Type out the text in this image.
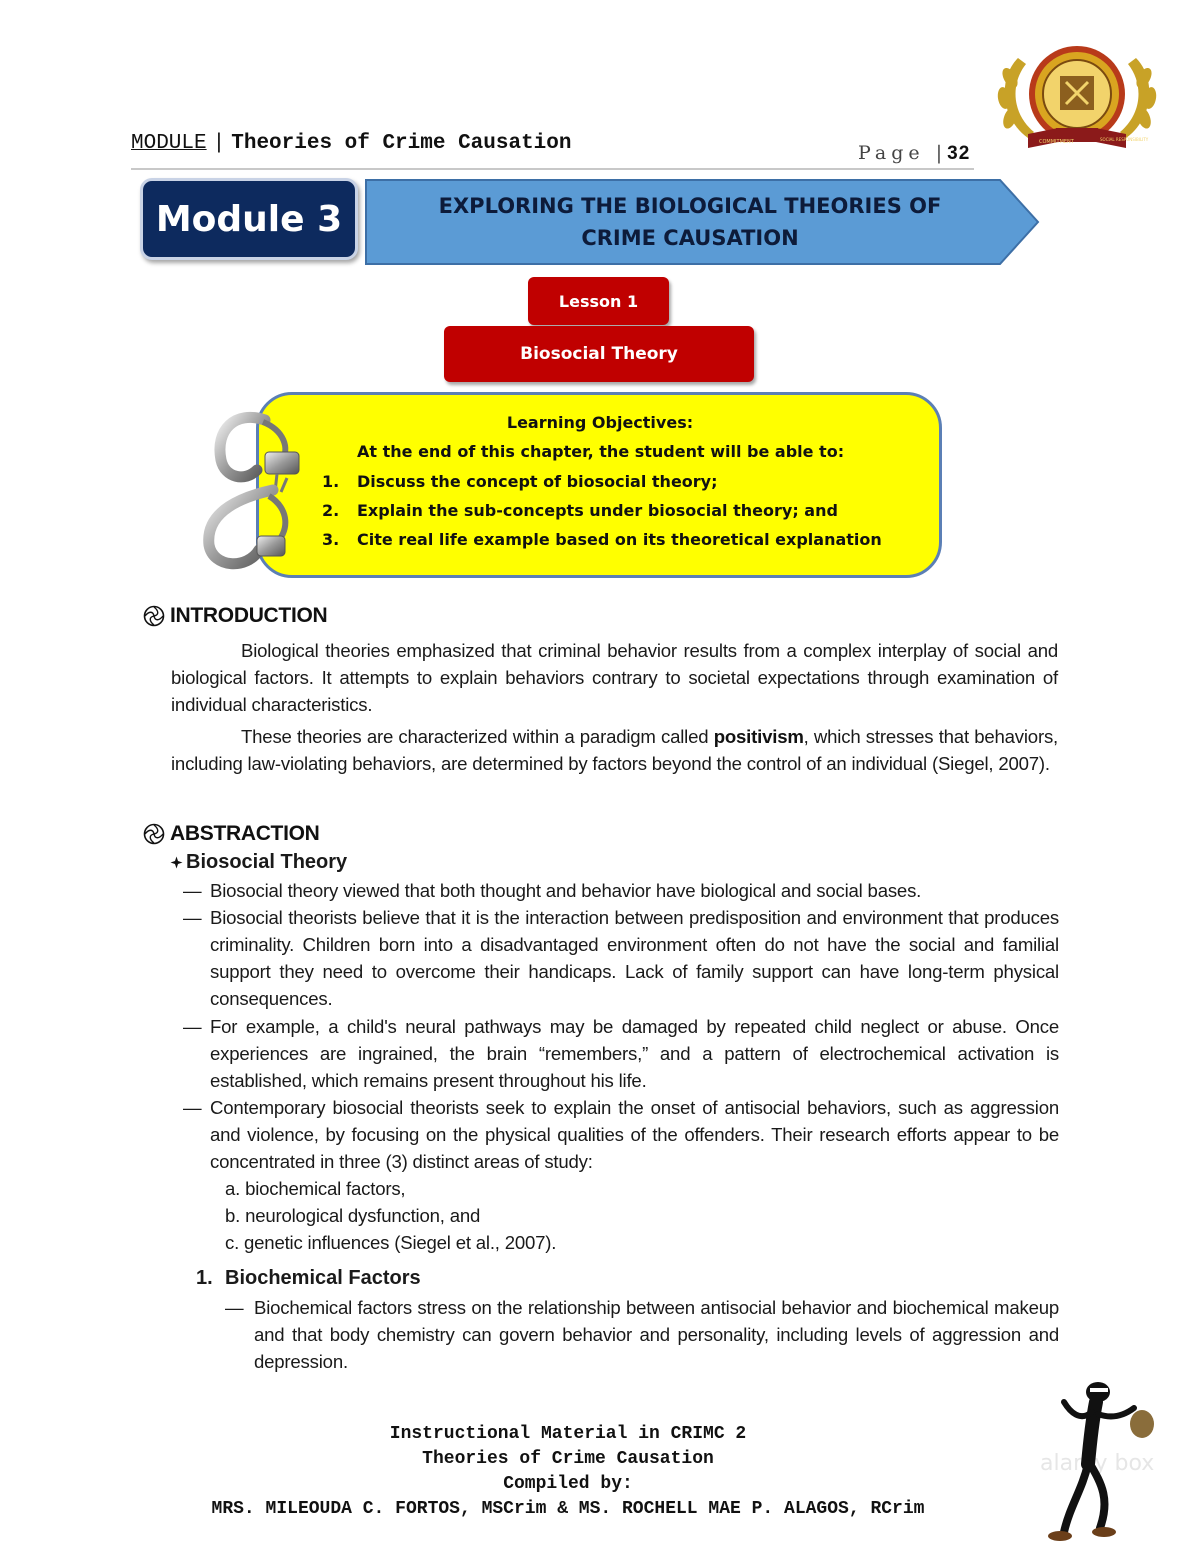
MODULE | Theories of Crime Causation	Page |32
COMMITMENT	SOCIAL RESPONSIBILITY
Module 3	EXPLORING THE BIOLOGICAL THEORIES OF
CRIME CAUSATION
Lesson 1
Biosocial Theory
Learning Objectives:
At the end of this chapter, the student will be able to:
1.	Discuss the concept of biosocial theory;
2.	Explain the sub-concepts under biosocial theory; and
3.	Cite real life example based on its theoretical explanation
INTRODUCTION
Biological theories emphasized that criminal behavior results from a complex interplay of social and biological factors. It attempts to explain behaviors contrary to societal expectations through examination of individual characteristics.
These theories are characterized within a paradigm called positivism, which stresses that behaviors, including law-violating behaviors, are determined by factors beyond the control of an individual (Siegel, 2007).
ABSTRACTION
Biosocial Theory
— Biosocial theory viewed that both thought and behavior have biological and social bases.
— Biosocial theorists believe that it is the interaction between predisposition and environment that produces criminality. Children born into a disadvantaged environment often do not have the social and familial support they need to overcome their handicaps. Lack of family support can have long-term physical consequences.
— For example, a child's neural pathways may be damaged by repeated child neglect or abuse. Once experiences are ingrained, the brain “remembers,” and a pattern of electrochemical activation is established, which remains present throughout his life.
— Contemporary biosocial theorists seek to explain the onset of antisocial behaviors, such as aggression and violence, by focusing on the physical qualities of the offenders. Their research efforts appear to be concentrated in three (3) distinct areas of study:
a. biochemical factors,
b. neurological dysfunction, and
c. genetic influences (Siegel et al., 2007).
1. Biochemical Factors
— Biochemical factors stress on the relationship between antisocial behavior and biochemical makeup and that body chemistry can govern behavior and personality, including levels of aggression and depression.
Instructional Material in CRIMC 2
Theories of Crime Causation
Compiled by:
MRS. MILEOUDA C. FORTOS, MSCrim & MS. ROCHELL MAE P. ALAGOS, RCrim
alamy box
